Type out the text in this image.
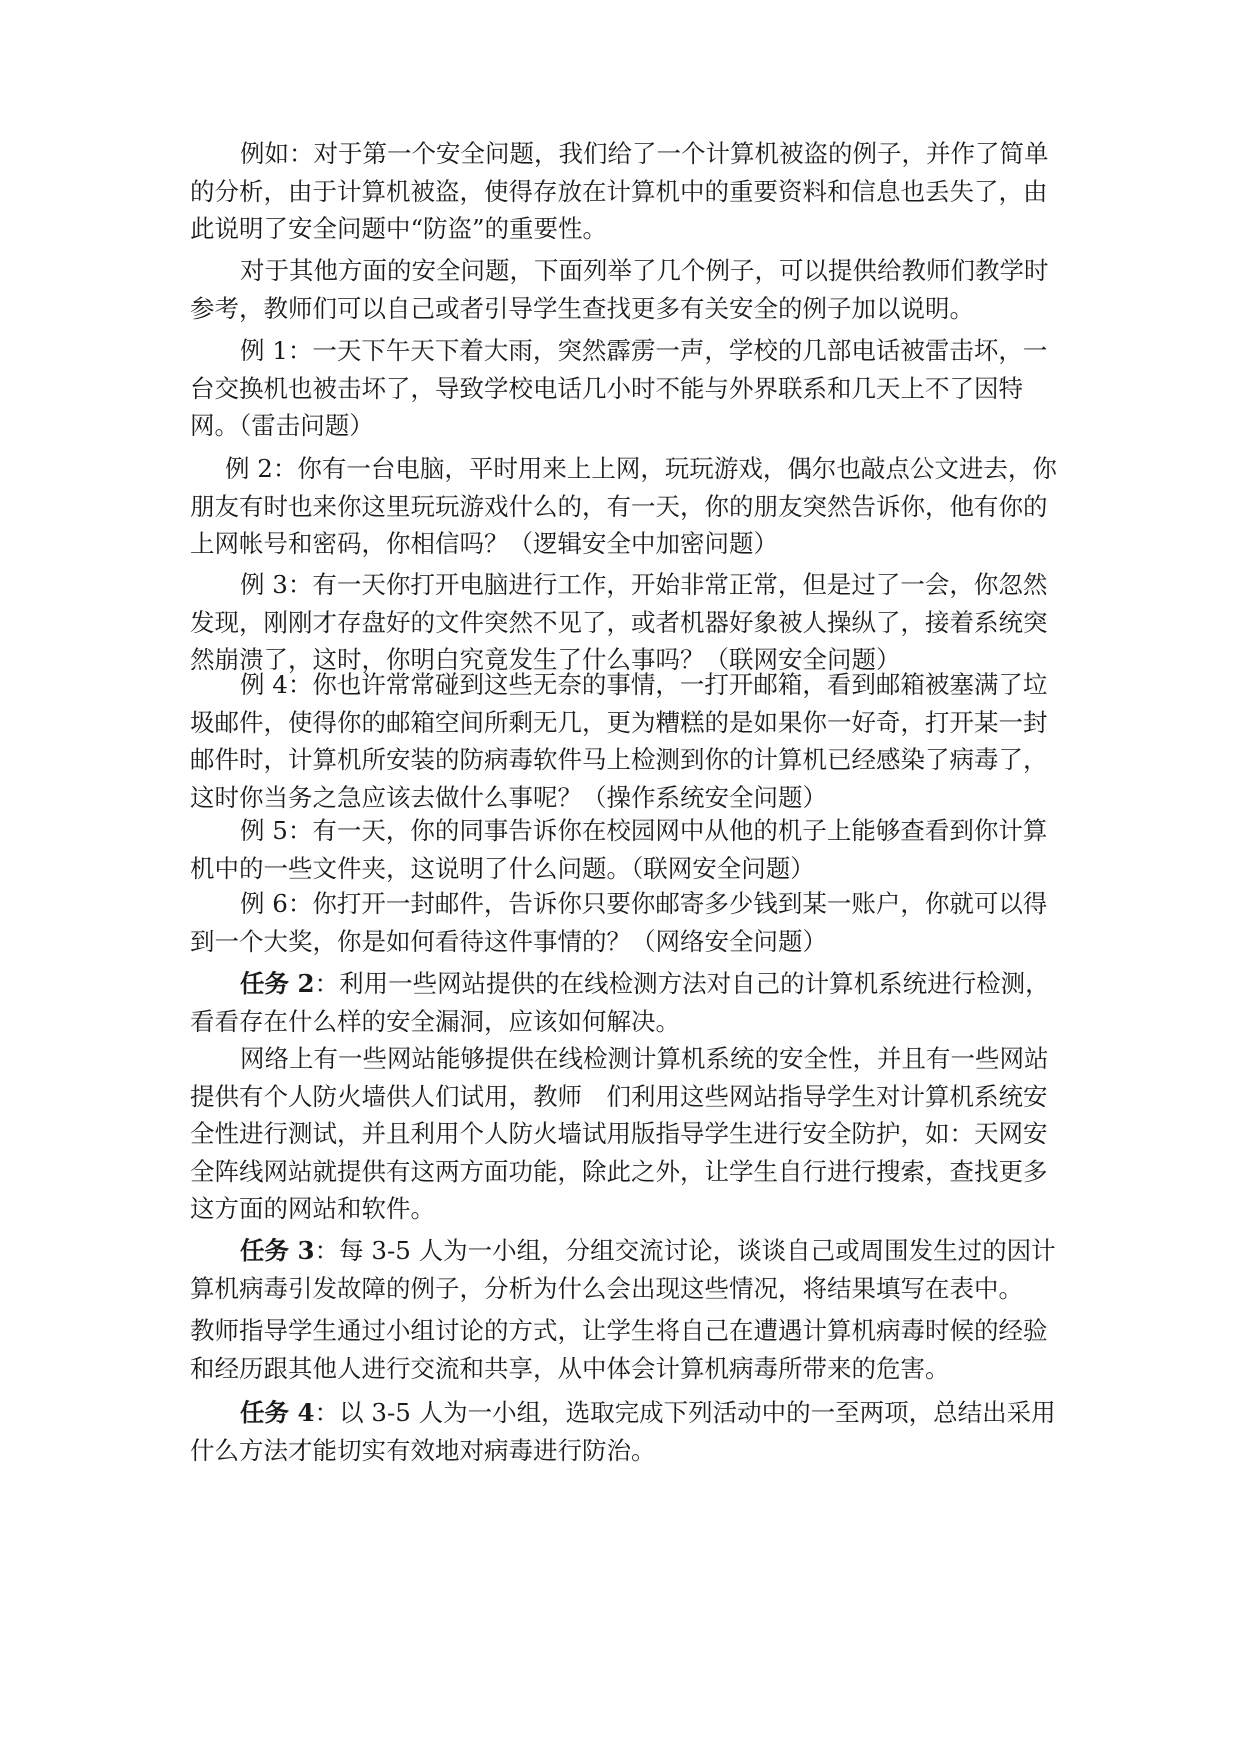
例如：对于第一个安全问题，我们给了一个计算机被盗的例子，并作了简单的分析，由于计算机被盗，使得存放在计算机中的重要资料和信息也丢失了，由此说明了安全问题中“防盗”的重要性。

对于其他方面的安全问题，下面列举了几个例子，可以提供给教师们教学时参考，教师们可以自己或者引导学生查找更多有关安全的例子加以说明。

例 1：一天下午天下着大雨，突然霹雳一声，学校的几部电话被雷击坏，一台交换机也被击坏了，导致学校电话几小时不能与外界联系和几天上不了因特网。（雷击问题）

例 2：你有一台电脑，平时用来上上网，玩玩游戏，偶尔也敲点公文进去，你朋友有时也来你这里玩玩游戏什么的，有一天，你的朋友突然告诉你，他有你的上网帐号和密码，你相信吗？（逻辑安全中加密问题）

例 3：有一天你打开电脑进行工作，开始非常正常，但是过了一会，你忽然发现，刚刚才存盘好的文件突然不见了，或者机器好象被人操纵了，接着系统突然崩溃了，这时，你明白究竟发生了什么事吗？（联网安全问题）

例 4：你也许常常碰到这些无奈的事情，一打开邮箱，看到邮箱被塞满了垃圾邮件，使得你的邮箱空间所剩无几，更为糟糕的是如果你一好奇，打开某一封邮件时，计算机所安装的防病毒软件马上检测到你的计算机已经感染了病毒了，这时你当务之急应该去做什么事呢？（操作系统安全问题）

例 5：有一天，你的同事告诉你在校园网中从他的机子上能够查看到你计算机中的一些文件夹，这说明了什么问题。（联网安全问题）

例 6：你打开一封邮件，告诉你只要你邮寄多少钱到某一账户，你就可以得到一个大奖，你是如何看待这件事情的？（网络安全问题）

任务 2：利用一些网站提供的在线检测方法对自己的计算机系统进行检测，看看存在什么样的安全漏洞，应该如何解决。

网络上有一些网站能够提供在线检测计算机系统的安全性，并且有一些网站提供有个人防火墙供人们试用，教师　们利用这些网站指导学生对计算机系统安全性进行测试，并且利用个人防火墙试用版指导学生进行安全防护，如：天网安全阵线网站就提供有这两方面功能，除此之外，让学生自行进行搜索，查找更多这方面的网站和软件。

任务 3：每 3-5 人为一小组，分组交流讨论，谈谈自己或周围发生过的因计算机病毒引发故障的例子，分析为什么会出现这些情况，将结果填写在表中。

教师指导学生通过小组讨论的方式，让学生将自己在遭遇计算机病毒时候的经验和经历跟其他人进行交流和共享，从中体会计算机病毒所带来的危害。

任务 4：以 3-5 人为一小组，选取完成下列活动中的一至两项，总结出采用什么方法才能切实有效地对病毒进行防治。
